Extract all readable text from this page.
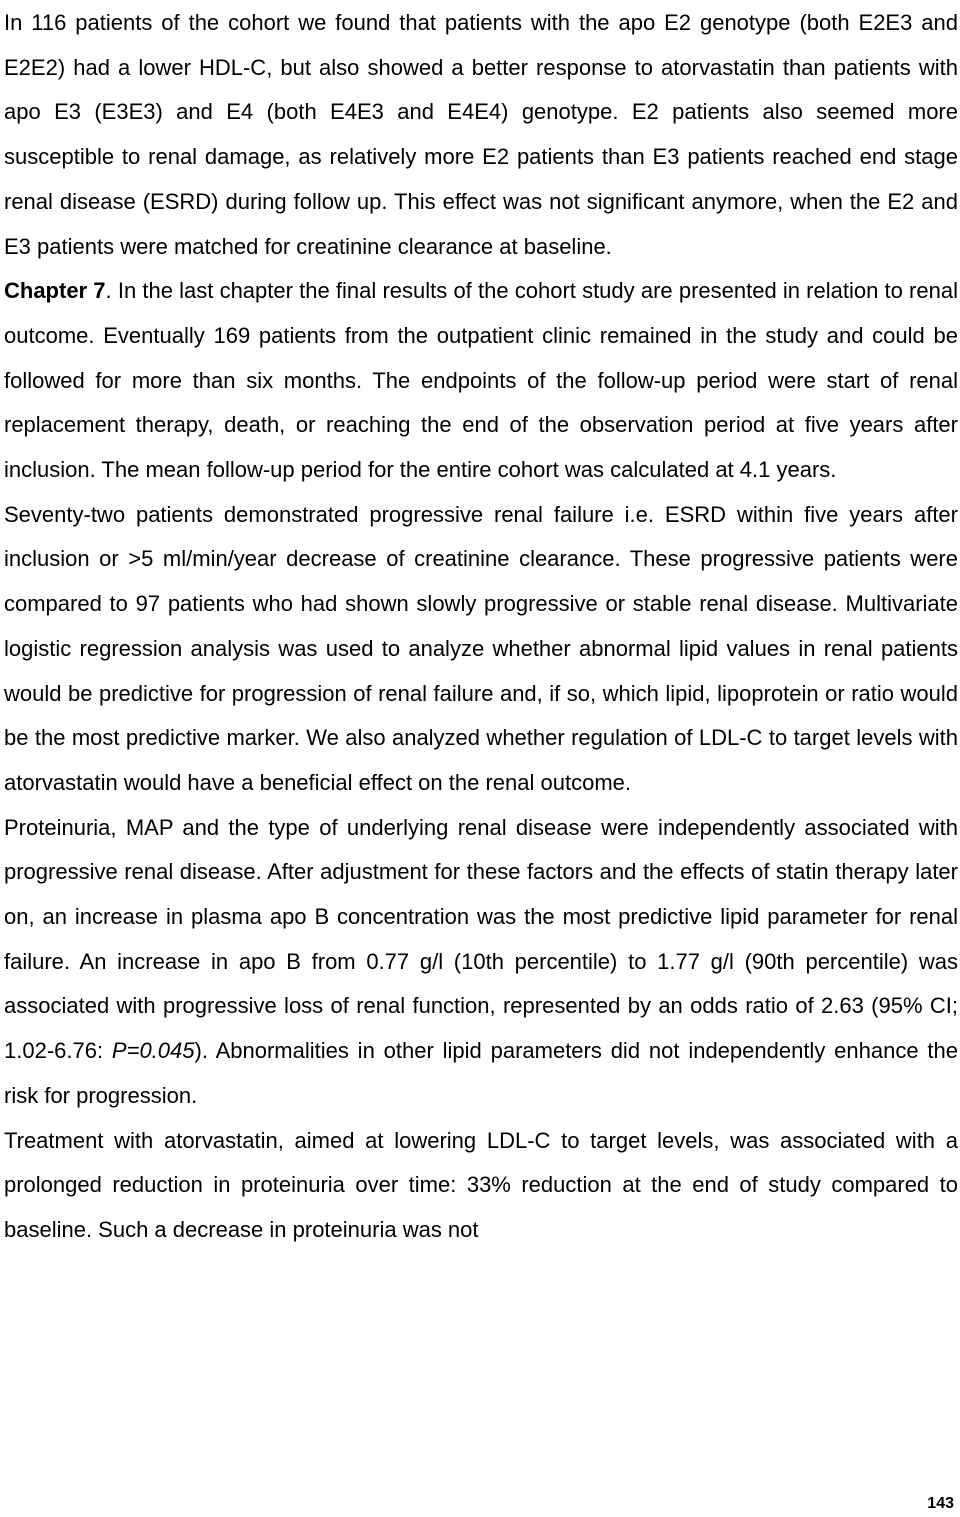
In 116 patients of the cohort we found that patients with the apo E2 genotype (both E2E3 and E2E2) had a lower HDL-C, but also showed a better response to atorvastatin than patients with apo E3 (E3E3) and E4 (both E4E3 and E4E4) genotype. E2 patients also seemed more susceptible to renal damage, as relatively more E2 patients than E3 patients reached end stage renal disease (ESRD) during follow up. This effect was not significant anymore, when the E2 and E3 patients were matched for creatinine clearance at baseline.

Chapter 7. In the last chapter the final results of the cohort study are presented in relation to renal outcome. Eventually 169 patients from the outpatient clinic remained in the study and could be followed for more than six months. The endpoints of the follow-up period were start of renal replacement therapy, death, or reaching the end of the observation period at five years after inclusion. The mean follow-up period for the entire cohort was calculated at 4.1 years.

Seventy-two patients demonstrated progressive renal failure i.e. ESRD within five years after inclusion or >5 ml/min/year decrease of creatinine clearance. These progressive patients were compared to 97 patients who had shown slowly progressive or stable renal disease. Multivariate logistic regression analysis was used to analyze whether abnormal lipid values in renal patients would be predictive for progression of renal failure and, if so, which lipid, lipoprotein or ratio would be the most predictive marker. We also analyzed whether regulation of LDL-C to target levels with atorvastatin would have a beneficial effect on the renal outcome.

Proteinuria, MAP and the type of underlying renal disease were independently associated with progressive renal disease. After adjustment for these factors and the effects of statin therapy later on, an increase in plasma apo B concentration was the most predictive lipid parameter for renal failure. An increase in apo B from 0.77 g/l (10th percentile) to 1.77 g/l (90th percentile) was associated with progressive loss of renal function, represented by an odds ratio of 2.63 (95% CI; 1.02-6.76: P=0.045). Abnormalities in other lipid parameters did not independently enhance the risk for progression.

Treatment with atorvastatin, aimed at lowering LDL-C to target levels, was associated with a prolonged reduction in proteinuria over time: 33% reduction at the end of study compared to baseline. Such a decrease in proteinuria was not

143
